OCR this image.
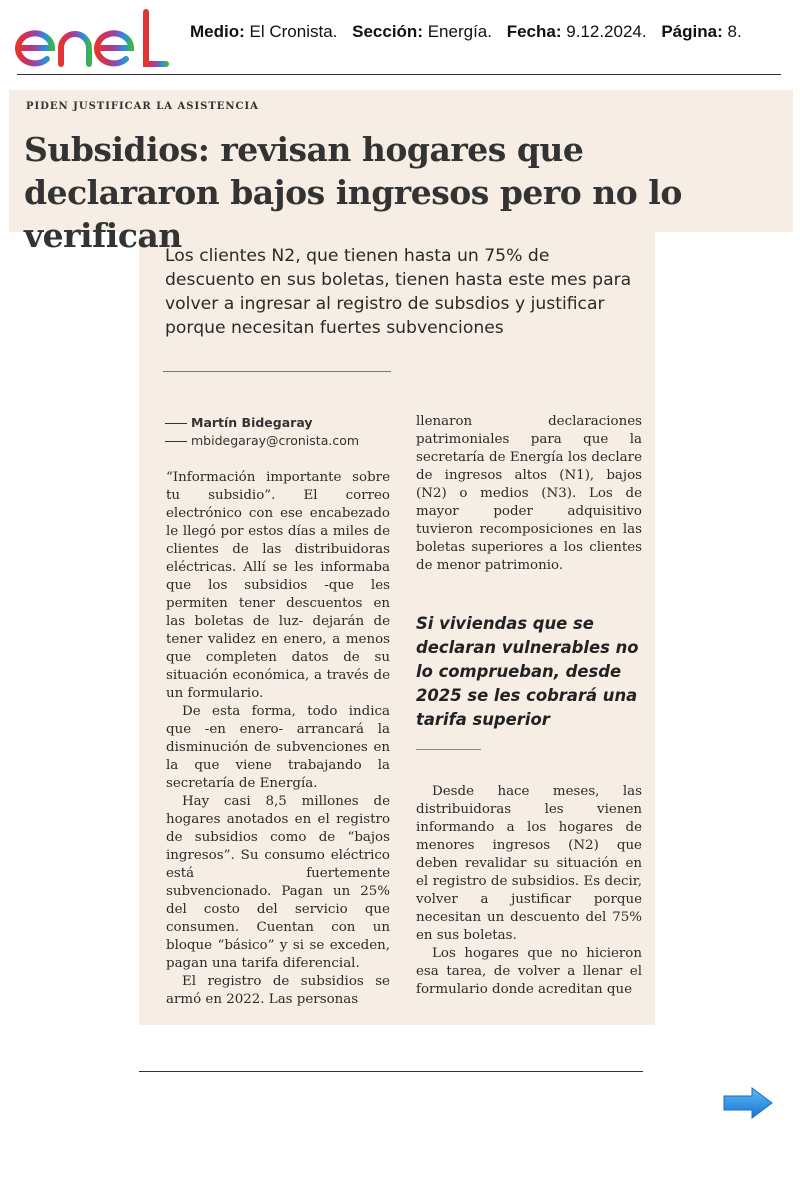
Medio: El Cronista. Sección: Energía. Fecha: 9.12.2024. Página: 8.
PIDEN JUSTIFICAR LA ASISTENCIA
Subsidios: revisan hogares que declararon bajos ingresos pero no lo verifican
Los clientes N2, que tienen hasta un 75% de descuento en sus boletas, tienen hasta este mes para volver a ingresar al registro de subsdios y justificar porque necesitan fuertes subvenciones
Martín Bidegaray
mbidegaray@cronista.com

“Información importante sobre tu subsidio”. El correo electrónico con ese encabezado le llegó por estos días a miles de clientes de las distribuidoras eléctricas. Allí se les informaba que los subsidios -que les permiten tener descuentos en las boletas de luz- dejarán de tener validez en enero, a menos que completen datos de su situación económica, a través de un formulario.

De esta forma, todo indica que -en enero- arrancará la disminución de subvenciones en la que viene trabajando la secretaría de Energía.

Hay casi 8,5 millones de hogares anotados en el registro de subsidios como de “bajos ingresos”. Su consumo eléctrico está fuertemente subvencionado. Pagan un 25% del costo del servicio que consumen. Cuentan con un bloque “básico” y si se exceden, pagan una tarifa diferencial.

El registro de subsidios se armó en 2022. Las personas

llenaron declaraciones patrimoniales para que la secretaría de Energía los declare de ingresos altos (N1), bajos (N2) o medios (N3). Los de mayor poder adquisitivo tuvieron recomposiciones en las boletas superiores a los clientes de menor patrimonio.

Si viviendas que se declaran vulnerables no lo comprueban, desde 2025 se les cobrará una tarifa superior

Desde hace meses, las distribuidoras les vienen informando a los hogares de menores ingresos (N2) que deben revalidar su situación en el registro de subsidios. Es decir, volver a justificar porque necesitan un descuento del 75% en sus boletas.

Los hogares que no hicieron esa tarea, de volver a llenar el formulario donde acreditan que
